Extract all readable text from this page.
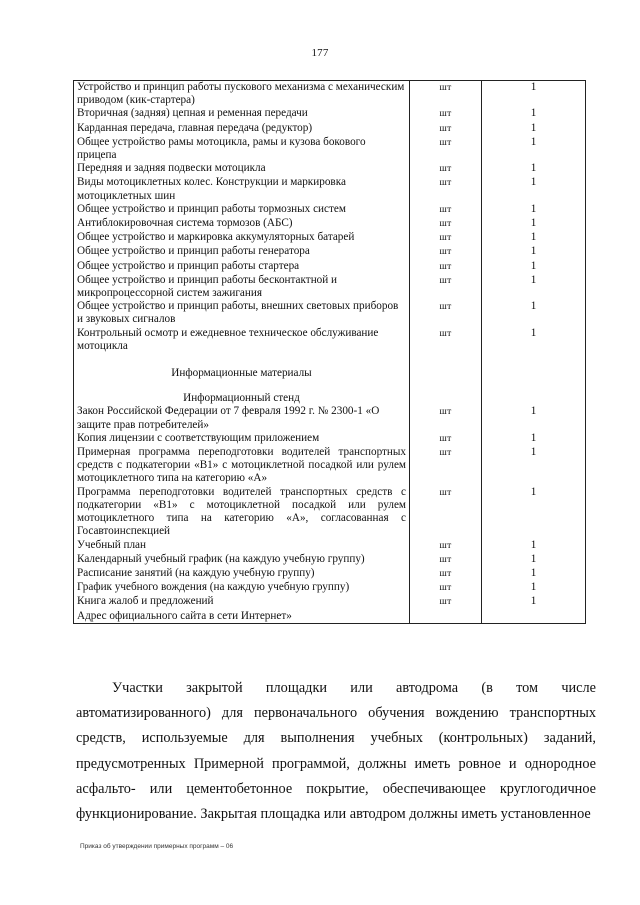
177
Устройство и принцип работы пускового механизма с механическим приводом (кик-стартера)	шт	1
Вторичная (задняя) цепная и ременная передачи	шт	1
Карданная передача, главная передача (редуктор)	шт	1
Общее устройство рамы мотоцикла, рамы и кузова бокового прицепа	шт	1
Передняя и задняя подвески мотоцикла	шт	1
Виды мотоциклетных колес. Конструкции и маркировка мотоциклетных шин	шт	1
Общее устройство и принцип работы тормозных систем	шт	1
Антиблокировочная система тормозов (АБС)	шт	1
Общее устройство и маркировка аккумуляторных батарей	шт	1
Общее устройство и принцип работы генератора	шт	1
Общее устройство и принцип работы стартера	шт	1
Общее устройство и принцип работы бесконтактной и микропроцессорной систем зажигания	шт	1
Общее устройство и принцип работы, внешних световых приборов и звуковых сигналов	шт	1
Контрольный осмотр и ежедневное техническое обслуживание мотоцикла	шт	1

Информационные материалы		
Информационный стенд		
Закон Российской Федерации от 7 февраля 1992 г. № 2300-1 «О защите прав потребителей»	шт	1
Копия лицензии с соответствующим приложением	шт	1
Примерная программа переподготовки водителей транспортных средств с подкатегории «В1» с мотоциклетной посадкой или рулем мотоциклетного типа на категорию «А»	шт	1
Программа переподготовки водителей транспортных средств с подкатегории «В1» с мотоциклетной посадкой или рулем мотоциклетного типа на категорию «А», согласованная с Госавтоинспекцией	шт	1
Учебный план	шт	1
Календарный учебный график (на каждую учебную группу)	шт	1
Расписание занятий (на каждую учебную группу)	шт	1
График учебного вождения (на каждую учебную группу)	шт	1
Книга жалоб и предложений	шт	1
Адрес официального сайта в сети Интернет»		

Участки закрытой площадки или автодрома (в том числе автоматизированного) для первоначального обучения вождению транспортных средств, используемые для выполнения учебных (контрольных) заданий, предусмотренных Примерной программой, должны иметь ровное и однородное асфальто- или цементобетонное покрытие, обеспечивающее круглогодичное функционирование. Закрытая площадка или автодром должны иметь установленное

Приказ об утверждении примерных программ – 06
